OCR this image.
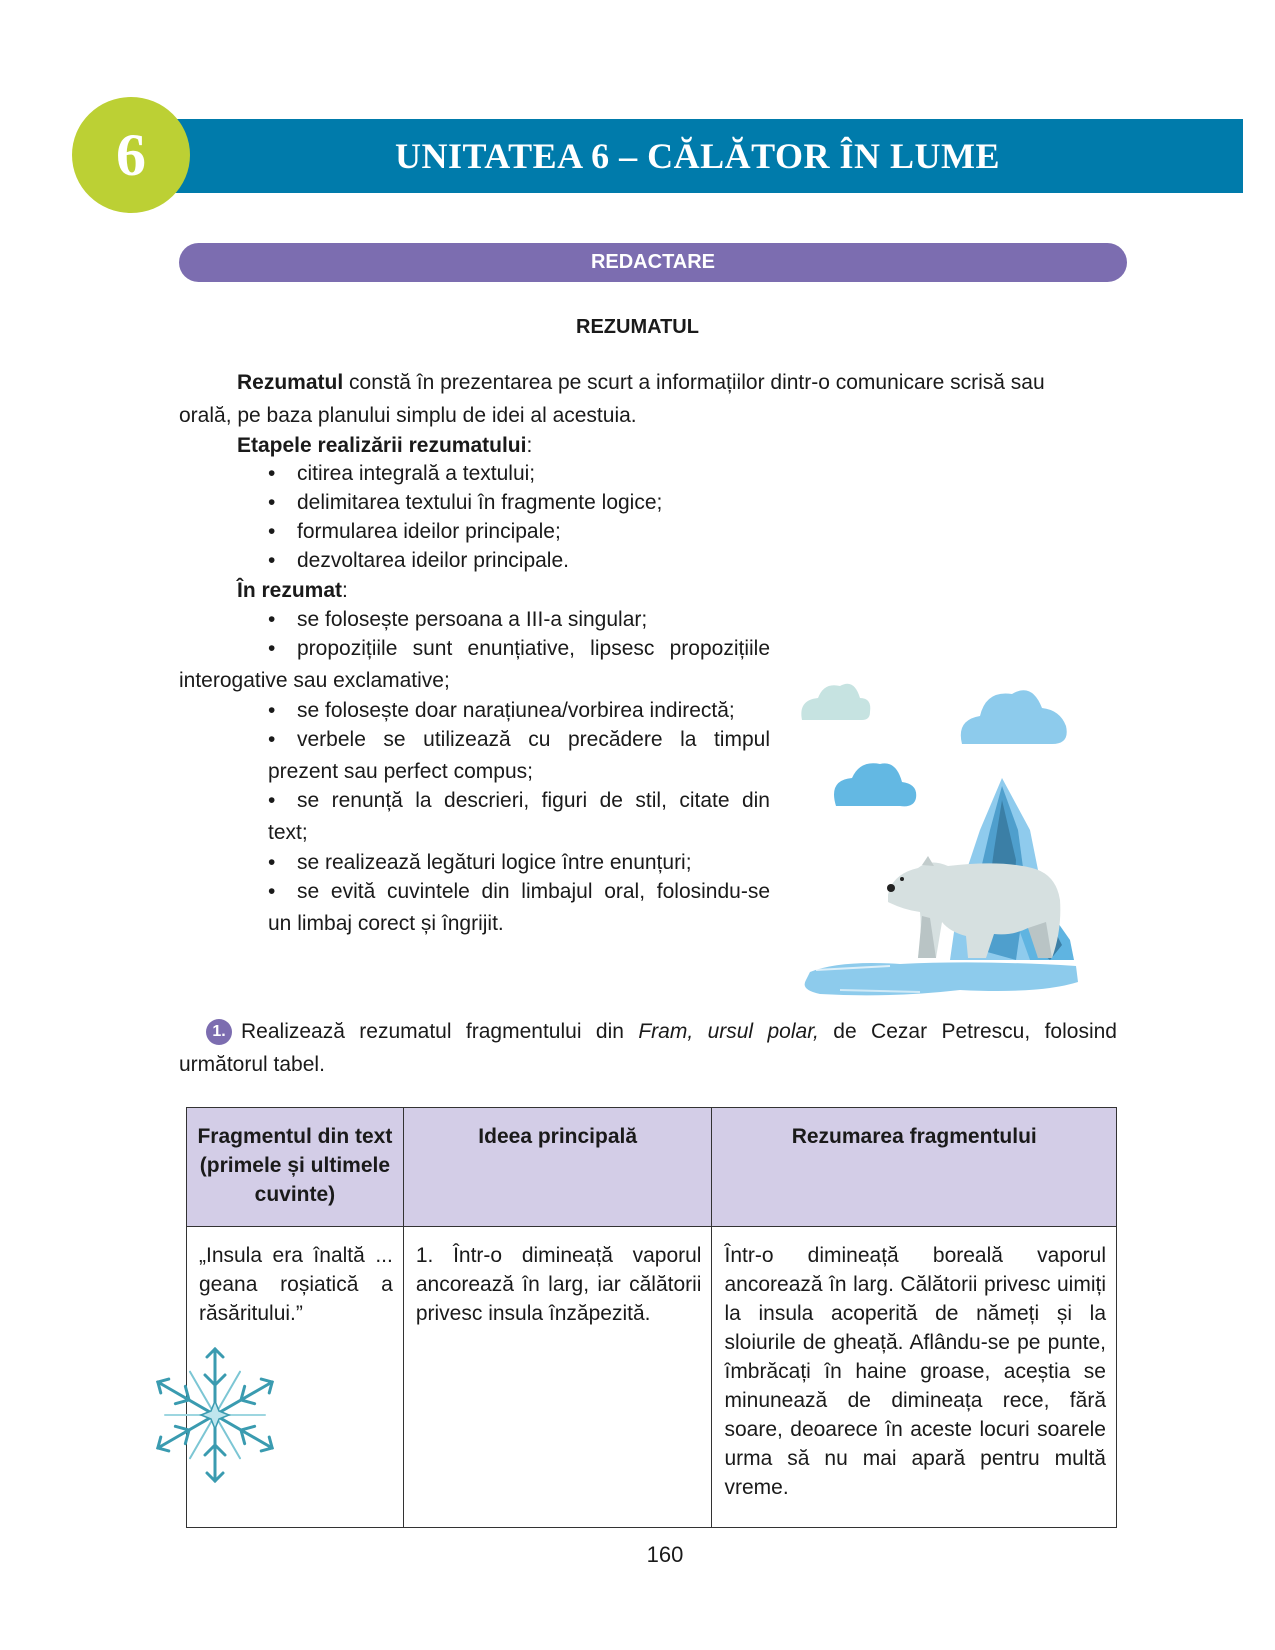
UNITATEA 6 – CĂLĂTOR ÎN LUME
6
REDACTARE
REZUMATUL
Rezumatul constă în prezentarea pe scurt a informațiilor dintr-o comunicare scrisă sau
orală, pe baza planului simplu de idei al acestuia.
Etapele realizării rezumatului:
• citirea integrală a textului;
• delimitarea textului în fragmente logice;
• formularea ideilor principale;
• dezvoltarea ideilor principale.
În rezumat:
• se folosește persoana a III-a singular;
• propozițiile sunt enunțiative, lipsesc propozițiile
interogative sau exclamative;
• se folosește doar narațiunea/vorbirea indirectă;
• verbele se utilizează cu precădere la timpul
prezent sau perfect compus;
• se renunță la descrieri, figuri de stil, citate din
text;
• se realizează legături logice între enunțuri;
• se evită cuvintele din limbajul oral, folosindu-se
un limbaj corect și îngrijit.
Realizează rezumatul fragmentului din Fram, ursul polar, de Cezar Petrescu, folosind
următorul tabel.
1.
Fragmentul din text (primele și ultimele cuvinte)	Ideea principală	Rezumarea fragmentului
„Insula era înaltă ... geana roșiatică a răsăritului.”	1. Într-o dimineață vaporul ancorează în larg, iar călătorii privesc insula înzăpezită.	Într-o dimineață boreală vaporul ancorează în larg. Călătorii privesc uimiți la insula acoperită de nămeți și la sloiurile de gheață. Aflându-se pe punte, îmbrăcați în haine groase, aceștia se minunează de dimineața rece, fără soare, deoarece în aceste locuri soarele urma să nu mai apară pentru multă vreme.
160
